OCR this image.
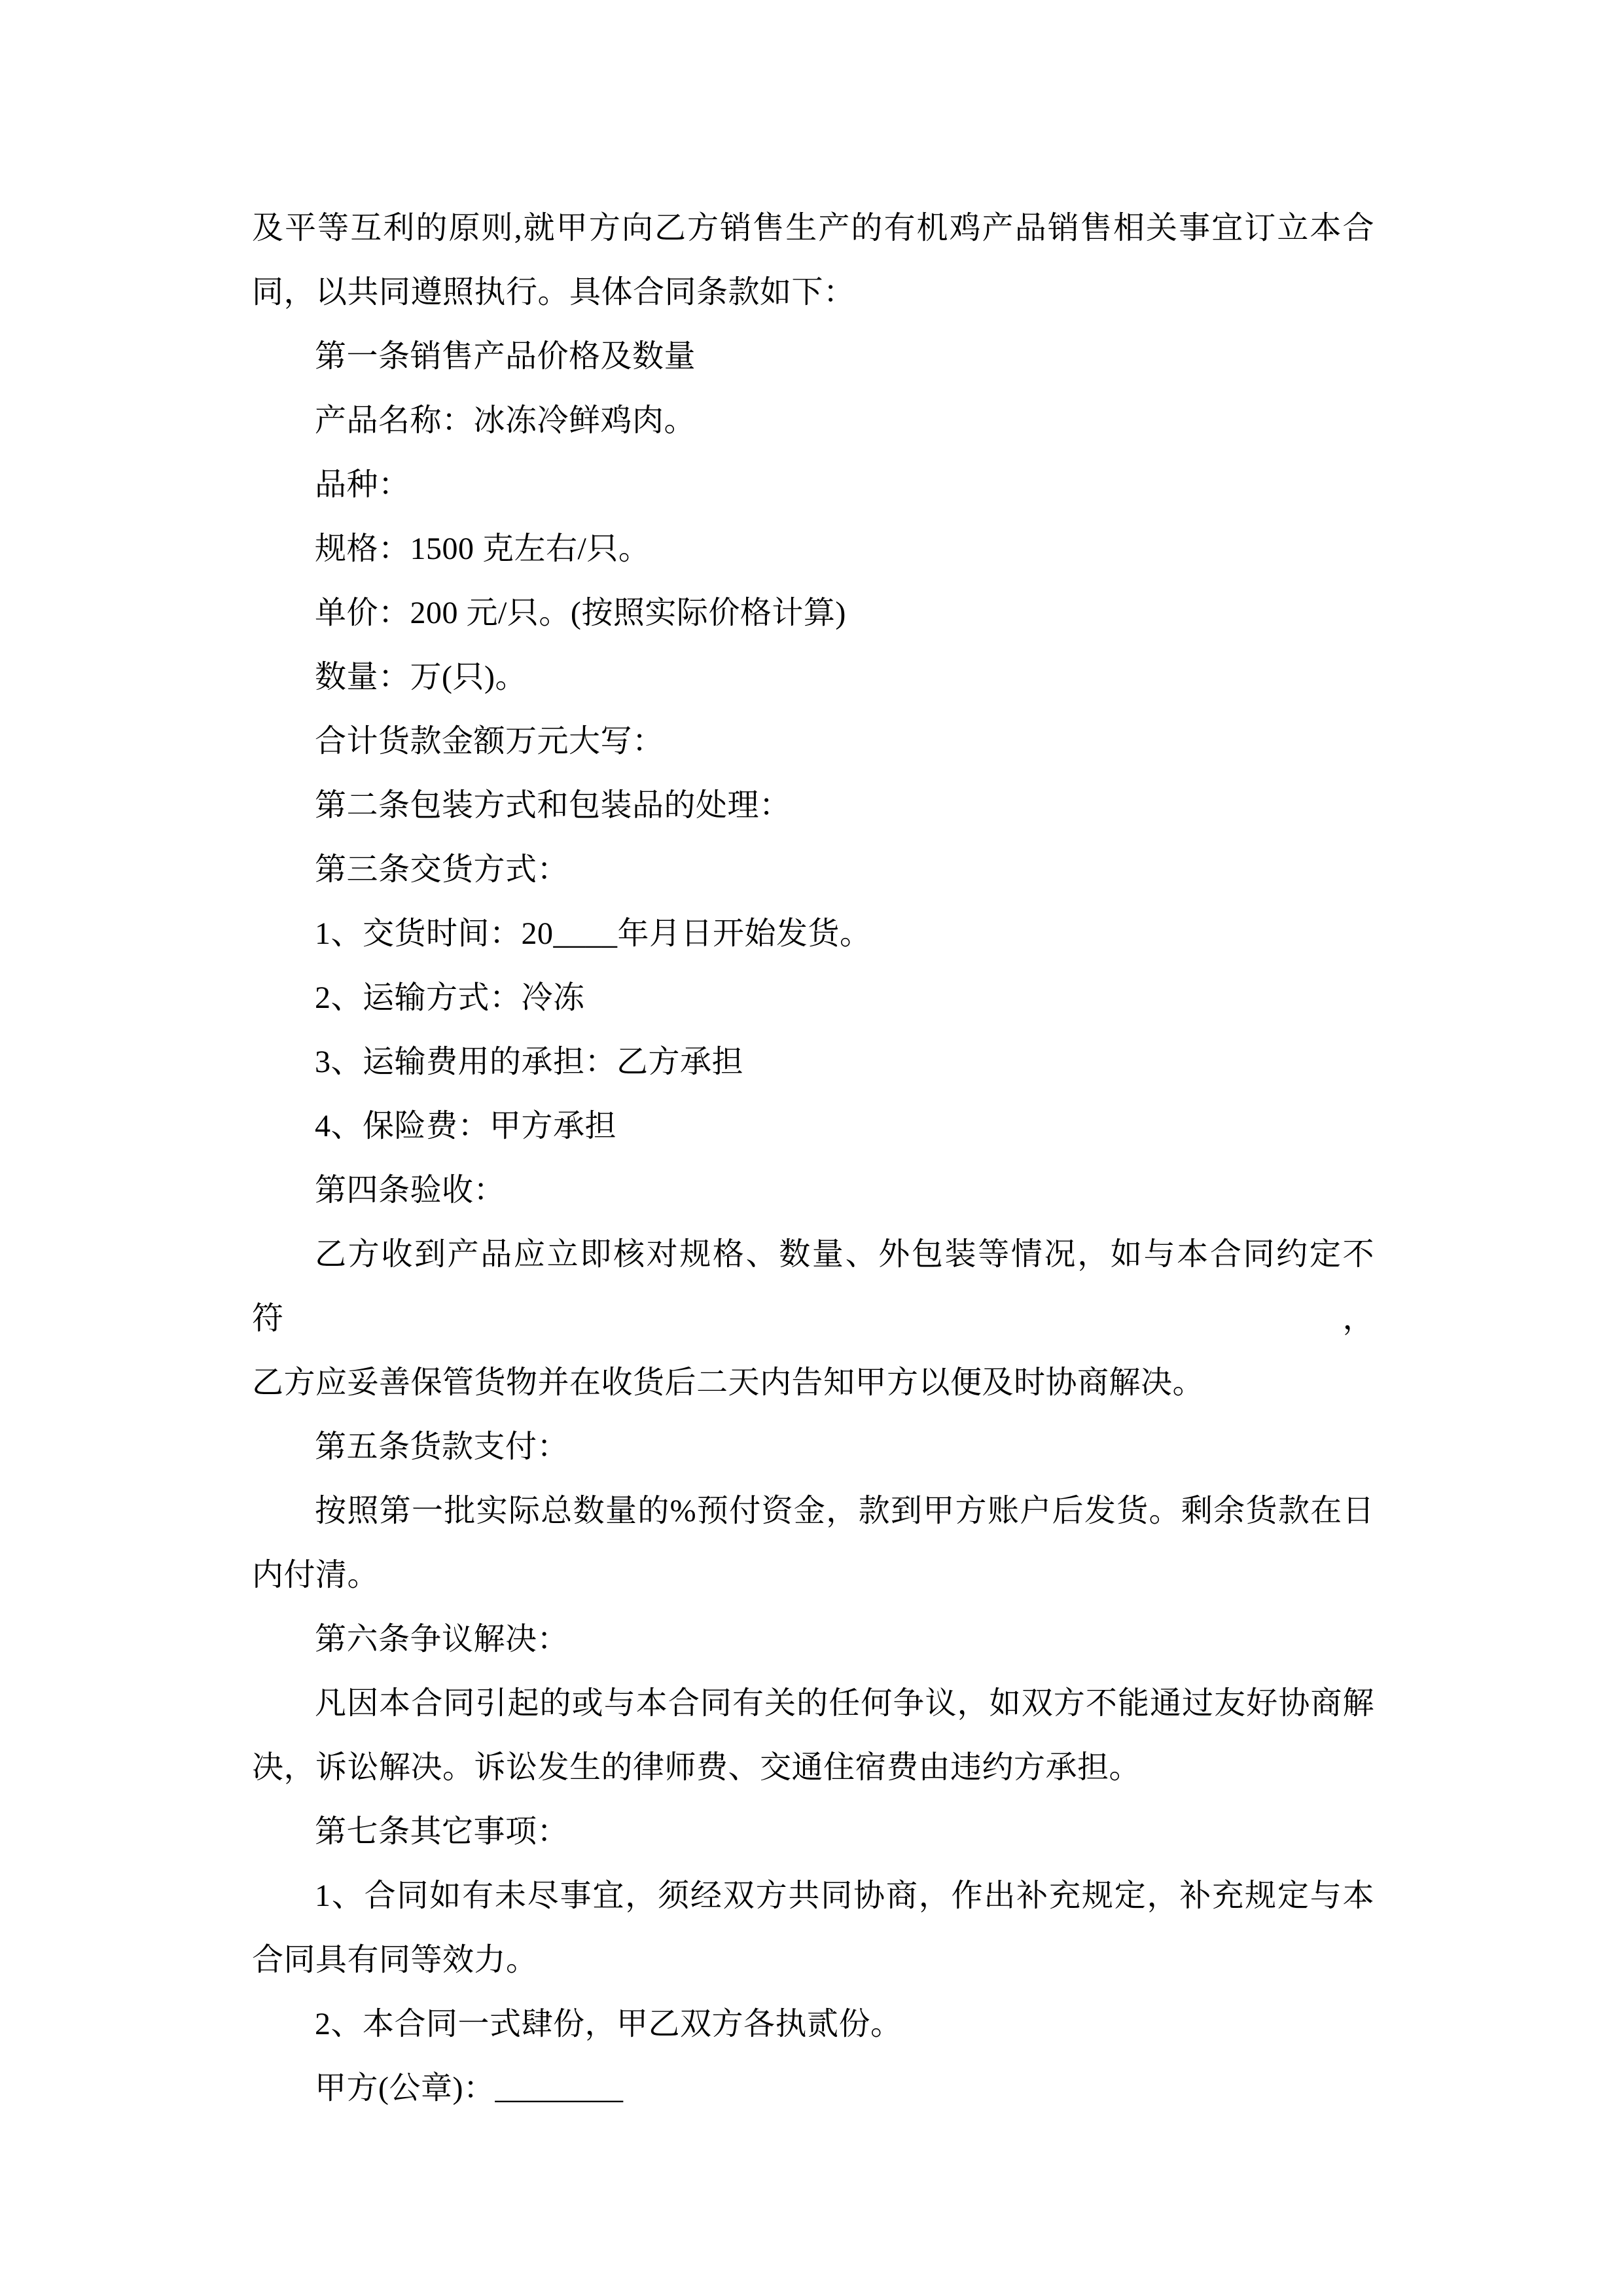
及平等互利的原则,就甲方向乙方销售生产的有机鸡产品销售相关事宜订立本合
同，以共同遵照执行。具体合同条款如下：
第一条销售产品价格及数量
产品名称：冰冻冷鲜鸡肉。
品种：
规格：1500 克左右/只。
单价：200 元/只。(按照实际价格计算)
数量：万(只)。
合计货款金额万元大写：
第二条包装方式和包装品的处理：
第三条交货方式：
1、交货时间：20____年月日开始发货。
2、运输方式：冷冻
3、运输费用的承担：乙方承担
4、保险费：甲方承担
第四条验收：
乙方收到产品应立即核对规格、数量、外包装等情况，如与本合同约定不符，
乙方应妥善保管货物并在收货后二天内告知甲方以便及时协商解决。
第五条货款支付：
按照第一批实际总数量的%预付资金，款到甲方账户后发货。剩余货款在日
内付清。
第六条争议解决：
凡因本合同引起的或与本合同有关的任何争议，如双方不能通过友好协商解
决，诉讼解决。诉讼发生的律师费、交通住宿费由违约方承担。
第七条其它事项：
1、合同如有未尽事宜，须经双方共同协商，作出补充规定，补充规定与本
合同具有同等效力。
2、本合同一式肆份，甲乙双方各执贰份。
甲方(公章)：________
